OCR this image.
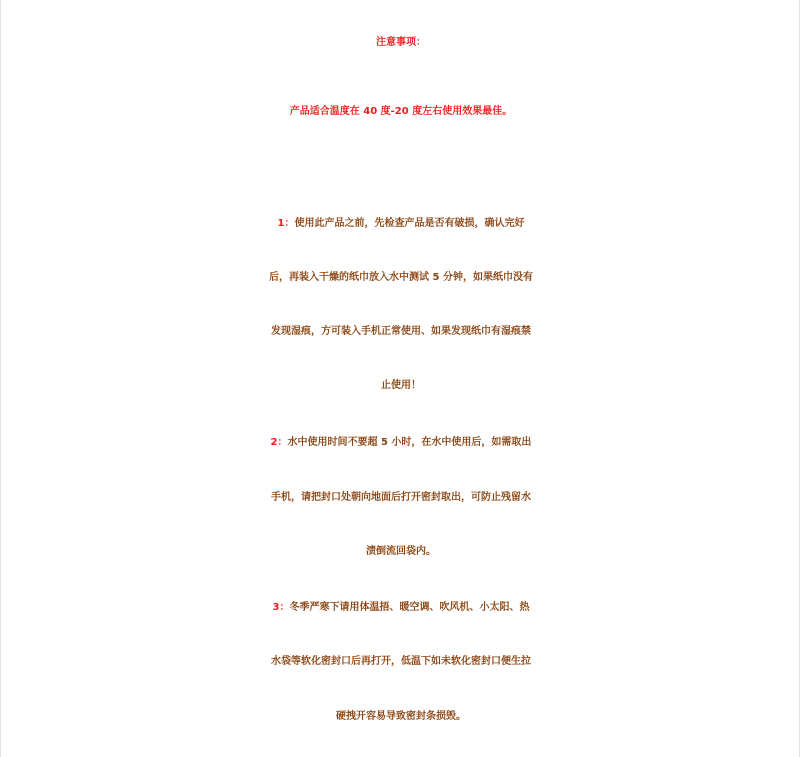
注意事项：
产品适合温度在 40 度-20 度左右使用效果最佳。
1：使用此产品之前，先检查产品是否有破损，确认完好
后，再装入干燥的纸巾放入水中测试 5 分钟，如果纸巾没有
发现湿痕，方可装入手机正常使用、如果发现纸巾有湿痕禁
止使用！
2：水中使用时间不要超 5 小时，在水中使用后，如需取出
手机，请把封口处朝向地面后打开密封取出，可防止残留水
渍倒流回袋内。
3：冬季严寒下请用体温捂、暖空调、吹风机、小太阳、热
水袋等软化密封口后再打开，低温下如未软化密封口便生拉
硬拽开容易导致密封条损毁。
